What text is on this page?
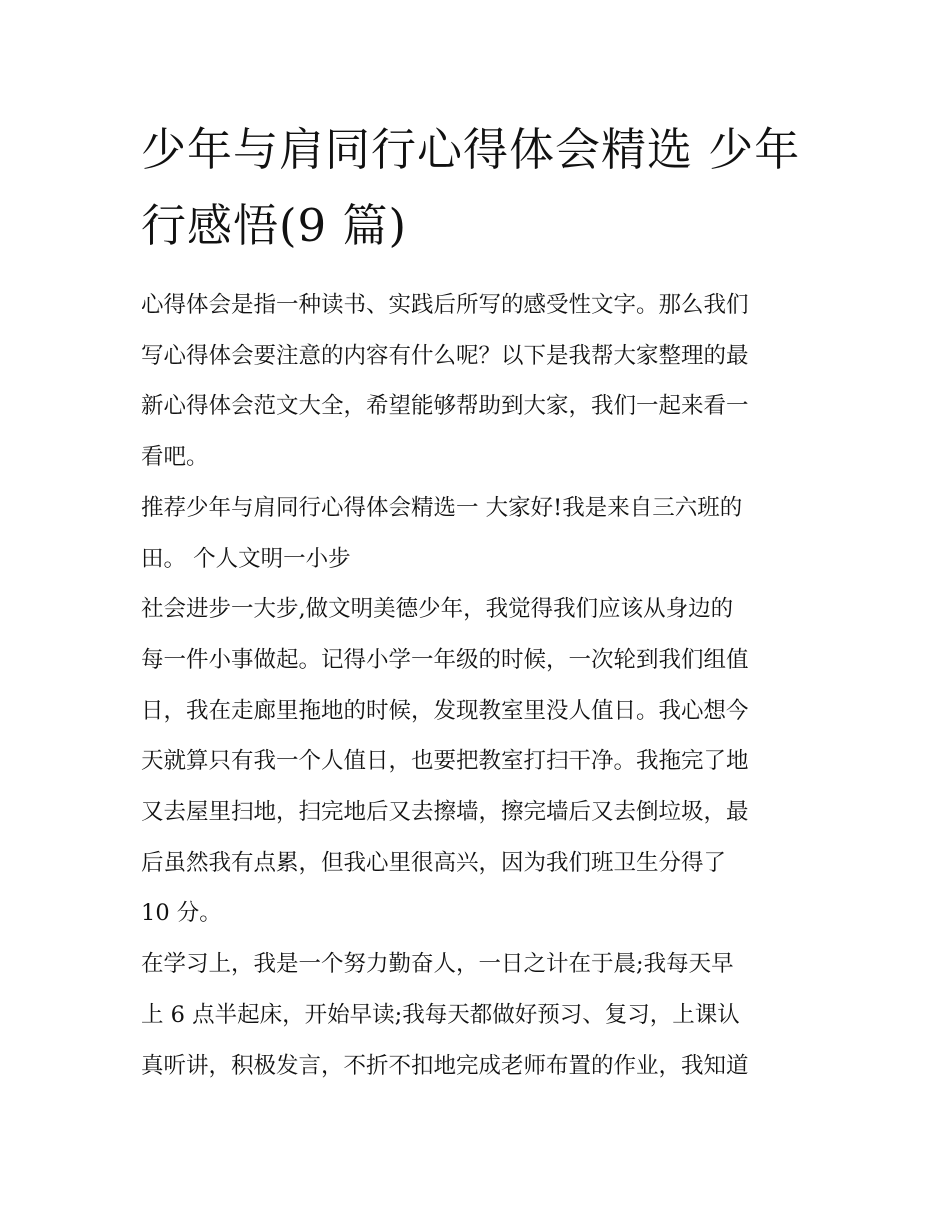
少年与肩同行心得体会精选 少年行感悟(9 篇)
心得体会是指一种读书、实践后所写的感受性文字。那么我们
写心得体会要注意的内容有什么呢？以下是我帮大家整理的最
新心得体会范文大全，希望能够帮助到大家，我们一起来看一
看吧。
推荐少年与肩同行心得体会精选一 大家好!我是来自三六班的
田。 个人文明一小步
社会进步一大步,做文明美德少年，我觉得我们应该从身边的
每一件小事做起。记得小学一年级的时候，一次轮到我们组值
日，我在走廊里拖地的时候，发现教室里没人值日。我心想今
天就算只有我一个人值日，也要把教室打扫干净。我拖完了地
又去屋里扫地，扫完地后又去擦墙，擦完墙后又去倒垃圾，最
后虽然我有点累，但我心里很高兴，因为我们班卫生分得了
10 分。
在学习上，我是一个努力勤奋人，一日之计在于晨;我每天早
上 6 点半起床，开始早读;我每天都做好预习、复习，上课认
真听讲，积极发言，不折不扣地完成老师布置的作业，我知道
